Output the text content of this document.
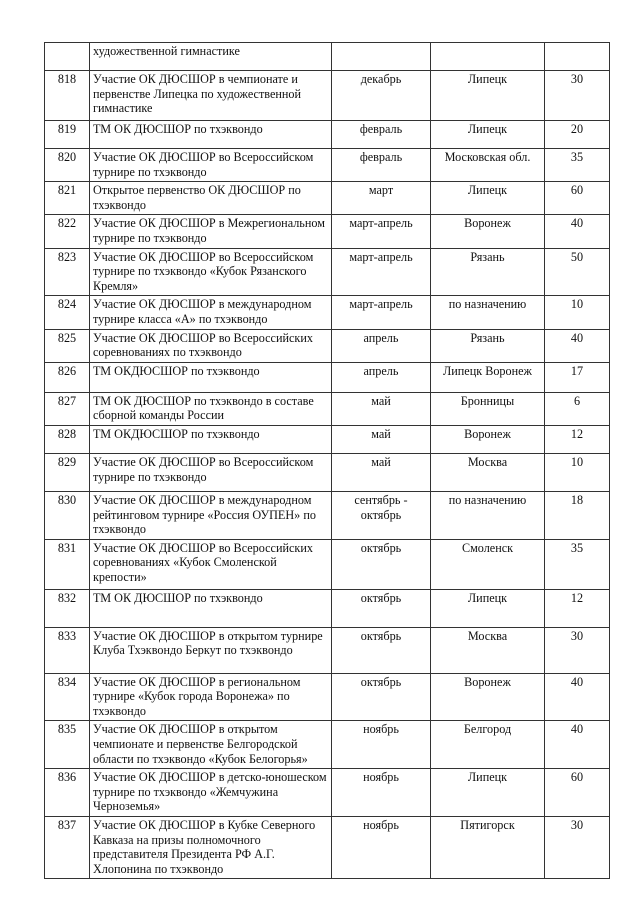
	художественной гимнастике			
818	Участие ОК ДЮСШОР в чемпионате и первенстве Липецка по художественной гимнастике	декабрь	Липецк	30
819	ТМ ОК ДЮСШОР по тхэквондо	февраль	Липецк	20
820	Участие ОК ДЮСШОР во Всероссийском турнире по тхэквондо	февраль	Московская обл.	35
821	Открытое первенство ОК ДЮСШОР по тхэквондо	март	Липецк	60
822	Участие ОК ДЮСШОР в Межрегиональном турнире по тхэквондо	март-апрель	Воронеж	40
823	Участие ОК ДЮСШОР во Всероссийском турнире по тхэквондо «Кубок Рязанского Кремля»	март-апрель	Рязань	50
824	Участие ОК ДЮСШОР в международном турнире класса «А» по тхэквондо	март-апрель	по назначению	10
825	Участие ОК ДЮСШОР во Всероссийских соревнованиях по тхэквондо	апрель	Рязань	40
826	ТМ ОКДЮСШОР по тхэквондо	апрель	Липецк Воронеж	17
827	ТМ ОК ДЮСШОР по тхэквондо в составе сборной команды России	май	Бронницы	6
828	ТМ ОКДЮСШОР по тхэквондо	май	Воронеж	12
829	Участие ОК ДЮСШОР во Всероссийском турнире по тхэквондо	май	Москва	10
830	Участие ОК ДЮСШОР в международном рейтинговом турнире «Россия ОУПЕН» по тхэквондо	сентябрь - октябрь	по назначению	18
831	Участие ОК ДЮСШОР во Всероссийских соревнованиях «Кубок Смоленской крепости»	октябрь	Смоленск	35
832	ТМ ОК ДЮСШОР по тхэквондо	октябрь	Липецк	12
833	Участие ОК ДЮСШОР в открытом турнире Клуба Тхэквондо Беркут по тхэквондо	октябрь	Москва	30
834	Участие ОК ДЮСШОР в региональном турнире «Кубок города Воронежа» по тхэквондо	октябрь	Воронеж	40
835	Участие ОК ДЮСШОР в открытом чемпионате и первенстве Белгородской области по тхэквондо «Кубок Белогорья»	ноябрь	Белгород	40
836	Участие ОК ДЮСШОР в детско-юношеском турнире по тхэквондо «Жемчужина Черноземья»	ноябрь	Липецк	60
837	Участие ОК ДЮСШОР в Кубке Северного Кавказа на призы полномочного представителя Президента РФ А.Г. Хлопонина по тхэквондо	ноябрь	Пятигорск	30
